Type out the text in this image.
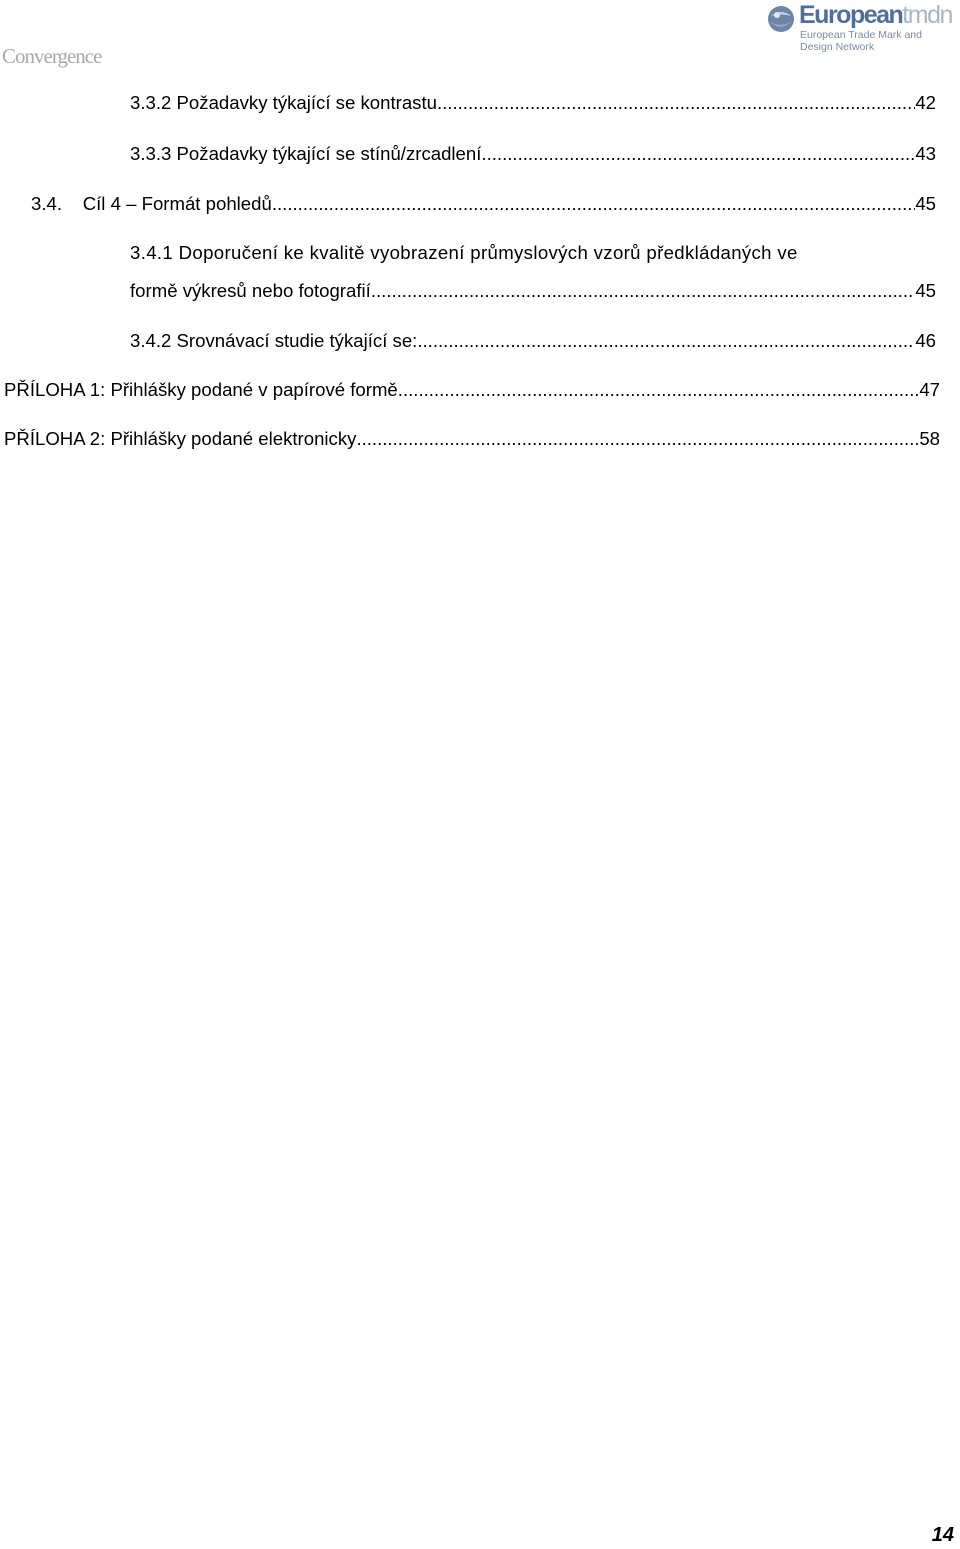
Convergence
Europeantmdn
European Trade Mark and
Design Network
3.3.2
Požadavky týkající se kontrastu .....	42
3.3.3
Požadavky týkající se stínů/zrcadlení .....	43
3.4.
Cíl 4 – Formát pohledů .....	45
3.4.1
Doporučení ke kvalitě vyobrazení průmyslových vzorů předkládaných ve
formě výkresů nebo fotografií .....	45
3.4.2
Srovnávací studie týkající se: .....	46
PŘÍLOHA 1:
Přihlášky podané v papírové formě .....	47
PŘÍLOHA 2:
Přihlášky podané elektronicky .....	58
14
